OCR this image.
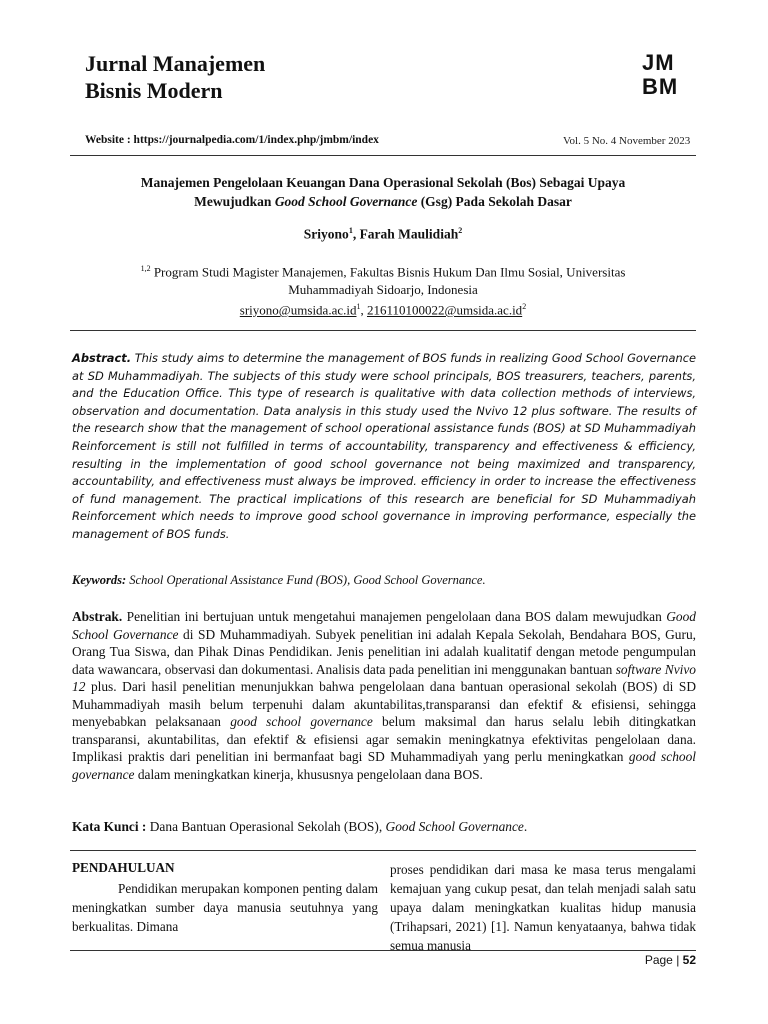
Jurnal Manajemen
Bisnis Modern
JM
BM
Website : https://journalpedia.com/1/index.php/jmbm/index	Vol. 5 No. 4 November 2023
Manajemen Pengelolaan Keuangan Dana Operasional Sekolah (Bos) Sebagai Upaya
Mewujudkan Good School Governance (Gsg) Pada Sekolah Dasar
Sriyono$^1$, Farah Maulidiah$^2$
$^{1,2}$ Program Studi Magister Manajemen, Fakultas Bisnis Hukum Dan Ilmu Sosial, Universitas
Muhammadiyah Sidoarjo, Indonesia
$sriyono@umsida.ac.id^1$, $216110100022@umsida.ac.id^2$
Abstract. This study aims to determine the management of BOS funds in realizing Good School Governance at SD Muhammadiyah. The subjects of this study were school principals, BOS treasurers, teachers, parents, and the Education Office. This type of research is qualitative with data collection methods of interviews, observation and documentation. Data analysis in this study used the Nvivo 12 plus software. The results of the research show that the management of school operational assistance funds (BOS) at SD Muhammadiyah Reinforcement is still not fulfilled in terms of accountability, transparency and effectiveness & efficiency, resulting in the implementation of good school governance not being maximized and transparency, accountability, and effectiveness must always be improved. efficiency in order to increase the effectiveness of fund management. The practical implications of this research are beneficial for SD Muhammadiyah Reinforcement which needs to improve good school governance in improving performance, especially the management of BOS funds.
Keywords: School Operational Assistance Fund (BOS), Good School Governance.
Abstrak. Penelitian ini bertujuan untuk mengetahui manajemen pengelolaan dana BOS dalam mewujudkan Good School Governance di SD Muhammadiyah. Subyek penelitian ini adalah Kepala Sekolah, Bendahara BOS, Guru, Orang Tua Siswa, dan Pihak Dinas Pendidikan. Jenis penelitian ini adalah kualitatif dengan metode pengumpulan data wawancara, observasi dan dokumentasi. Analisis data pada penelitian ini menggunakan bantuan software Nvivo 12 plus. Dari hasil penelitian menunjukkan bahwa pengelolaan dana bantuan operasional sekolah (BOS) di SD Muhammadiyah masih belum terpenuhi dalam akuntabilitas,transparansi dan efektif & efisiensi, sehingga menyebabkan pelaksanaan good school governance belum maksimal dan harus selalu lebih ditingkatkan transparansi, akuntabilitas, dan efektif & efisiensi agar semakin meningkatnya efektivitas pengelolaan dana. Implikasi praktis dari penelitian ini bermanfaat bagi SD Muhammadiyah yang perlu meningkatkan good school governance dalam meningkatkan kinerja, khususnya pengelolaan dana BOS.
Kata Kunci : Dana Bantuan Operasional Sekolah (BOS), Good School Governance.
PENDAHULUAN
Pendidikan merupakan komponen penting dalam meningkatkan sumber daya manusia seutuhnya yang berkualitas. Dimana
proses pendidikan dari masa ke masa terus mengalami kemajuan yang cukup pesat, dan telah menjadi salah satu upaya dalam meningkatkan kualitas hidup manusia (Trihapsari, 2021) [1]. Namun kenyataanya, bahwa tidak semua manusia
Page | 52
